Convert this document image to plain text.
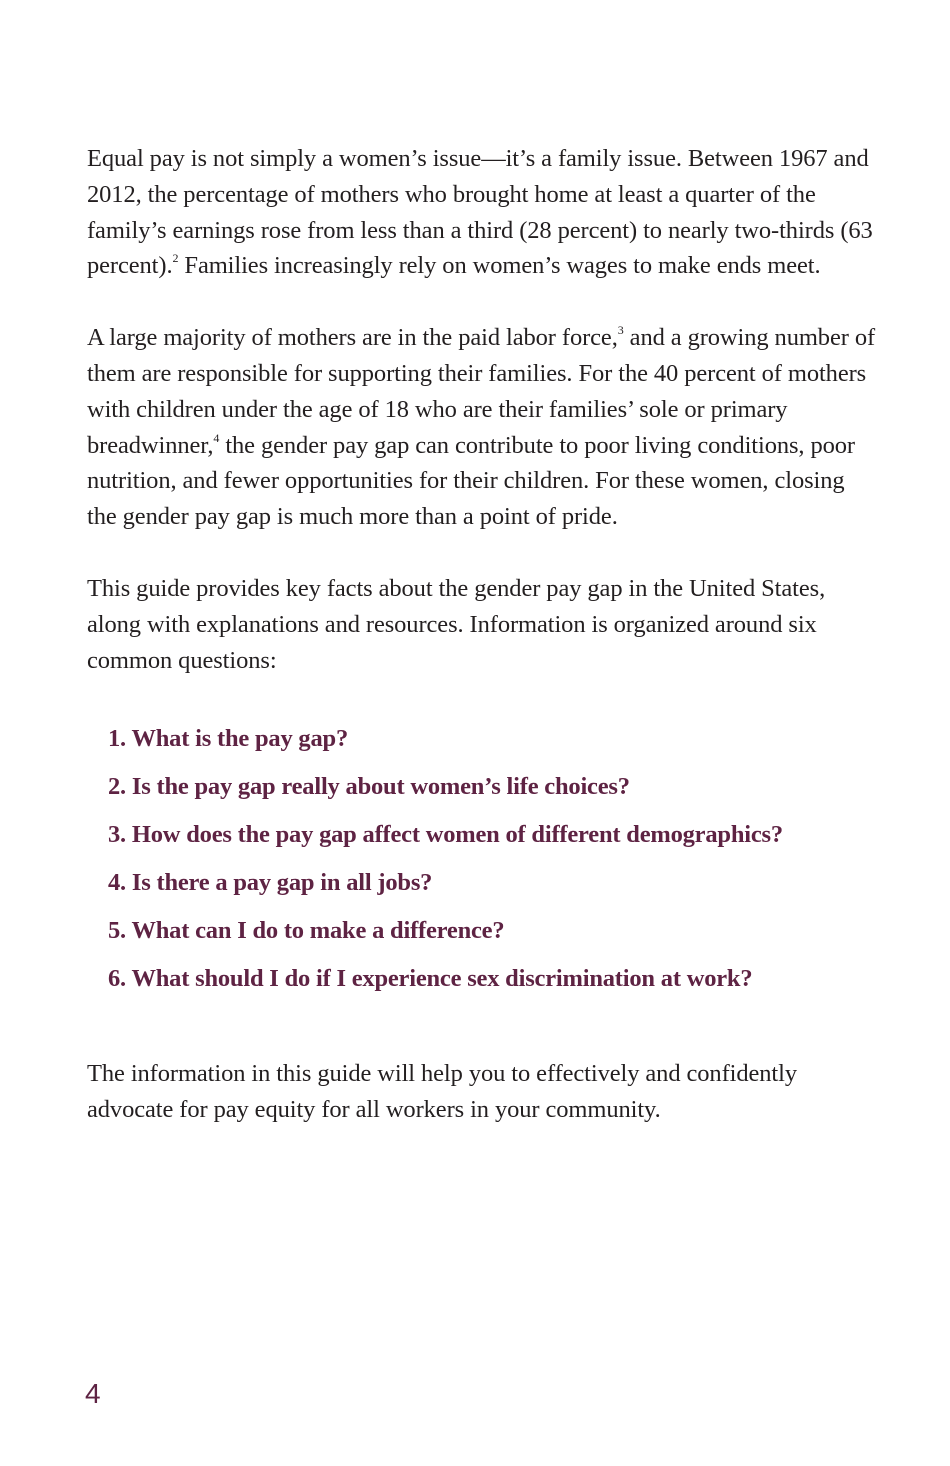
Equal pay is not simply a women’s issue—it’s a family issue. Between 1967 and 2012, the percentage of mothers who brought home at least a quarter of the family’s earnings rose from less than a third (28 percent) to nearly two-thirds (63 percent).$^2$ Families increasingly rely on women’s wages to make ends meet.

A large majority of mothers are in the paid labor force,$^3$ and a growing number of them are responsible for supporting their families. For the 40 percent of mothers with children under the age of 18 who are their families’ sole or primary breadwinner,$^4$ the gender pay gap can contribute to poor living conditions, poor nutrition, and fewer opportunities for their children. For these women, closing the gender pay gap is much more than a point of pride.

This guide provides key facts about the gender pay gap in the United States, along with explanations and resources. Information is organized around six common questions:

1. What is the pay gap?
2. Is the pay gap really about women’s life choices?
3. How does the pay gap affect women of different demographics?
4. Is there a pay gap in all jobs?
5. What can I do to make a difference?
6. What should I do if I experience sex discrimination at work?

The information in this guide will help you to effectively and confidently advocate for pay equity for all workers in your community.

4
